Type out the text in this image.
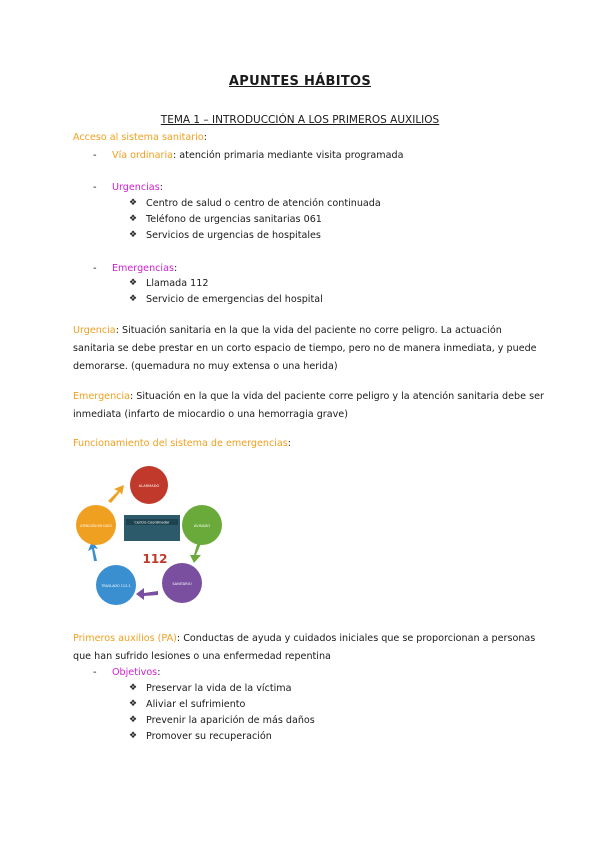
APUNTES HÁBITOS
TEMA 1 – INTRODUCCIÓN A LOS PRIMEROS AUXILIOS
Acceso al sistema sanitario:
- Vía ordinaria: atención primaria mediante visita programada
- Urgencias:
❖ Centro de salud o centro de atención continuada
❖ Teléfono de urgencias sanitarias 061
❖ Servicios de urgencias de hospitales
- Emergencias:
❖ Llamada 112
❖ Servicio de emergencias del hospital
Urgencia: Situación sanitaria en la que la vida del paciente no corre peligro. La actuación
sanitaria se debe prestar en un corto espacio de tiempo, pero no de manera inmediata, y puede
demorarse. (quemadura no muy extensa o una herida)
Emergencia: Situación en la que la vida del paciente corre peligro y la atención sanitaria debe ser
inmediata (infarto de miocardio o una hemorragia grave)
Funcionamiento del sistema de emergencias:
ALARMADO
AVISADO
SANITARIO
TRASLADO 112-1
ATENCIÓN EN CASO
Centro Coordinador
112
Primeros auxilios (PA): Conductas de ayuda y cuidados iniciales que se proporcionan a personas
que han sufrido lesiones o una enfermedad repentina
- Objetivos:
❖ Preservar la vida de la víctima
❖ Aliviar el sufrimiento
❖ Prevenir la aparición de más daños
❖ Promover su recuperación
